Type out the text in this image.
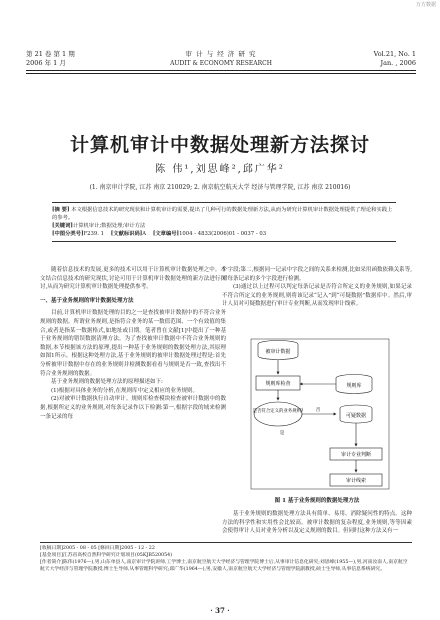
万方数据
第 21 卷 第 1 期
2006 年 1 月
审 计 与 经 济 研 究
AUDIT & ECONOMY RESEARCH
Vol.21, No. 1
Jan. , 2006
计算机审计中数据处理新方法探讨
陈 伟¹,刘思峰²,邱广华²
(1. 南京审计学院, 江苏 南京 210029; 2. 南京航空航天大学 经济与管理学院, 江苏 南京 210016)

[摘 要] 本文根据信息技术的研究现状和计算机审计的需要,提出了几种可行的数据处理新方法,从而为研究计算机审计数据处理提供了理论和实践上的参考。

[关键词]计算机审计;数据处理;审计方法

[中图分类号]F239. 1 [文献标识码]A [文章编号]1004 - 4833(2006)01 - 0037 - 03

随着信息技术的发展,更多的技术可以用于计算机审计数据处理之中。本文结合信息技术的研究现状,讨论可用于计算机审计数据处理的新方法进行探讨,从而为研究计算机审计数据处理提供参考。

一、基于业务规则的审计数据处理方法

目前,计算机审计数据处理的目的之一是查找被审计数据中的不符合业务规则的数据。所谓业务规则,是指符合业务的某一数值范围、一个有效值的集合,或者是指某一数据格式,如地址或日期。笔者曾在文献[1]中提出了一种基于业务规则的错误数据清理方法。为了查找被审计数据中不符合业务规则的数据,本节根据该方法的原理,提出一种基于业务规则的数据处理方法,其原理如图1所示。根据这种处理方法,基于业务规则的被审计数据处理过程是:首先分析被审计数据中存在的业务规则并检测数据看看与规则是否一致,查找出不符合业务规则的数据。

基于业务规则的数据处理方法的原理描述如下:

(1)根据对具体业务的分析,在规则库中定义相应的业务规则。

(2)对被审计数据执行自动审计。规则库检查模块检查被审计数据中的数据,根据所定义的业务规则,对每条记录作以下检测:第一,根据字段的域来检测一条记录的每

个字段;第二,根据同一记录中字段之间的关系来检测,比如采用函数依赖关系等,对每条记录的多个字段进行检测。

(3)通过以上过程可以判定每条记录是否符合所定义的业务规则,如果记录不符合所定义的业务规则,则将该记录“记入”到“可疑数据”数据库中。然后,审计人员对可疑数据进行审计专业判断,从而发现审计线索。

被审计数据
规则库
规则库检查
是否符合定义的业务规则?	否
可疑数据
是
审计专业判断
审计线索
图 1 基于业务规则的数据处理方法

基于业务规则的数据处理方法具有简单、易用、消除疑问性的特点。这种方法的科学性和实用性会比较高。被审计数据的复杂程度,业务规则,等等因素会使得审计人员对业务分析以及定义规则的数目。但同时这种方法又有一

[收稿日期]2005 - 08 - 05 [修回日期]2005 - 12 - 22
[基金项目]江苏省高校自然科学研究计划项目(05KJB520054)
[作者简介]陈伟(1976—),男,山东单县人,南京审计学院讲师,工学博士,南京航空航天大学经济与管理学院博士后,从事审计信息化研究;刘思峰(1955—),男,河南汝南人,南京航空航天大学经济与管理学院教授,博士生导师,从事管理科学研究;邱广华(1964—),男,安徽人,南京航空航天大学经济与管理学院副教授,硕士生导师,从事信息系统研究。
· 37 ·
